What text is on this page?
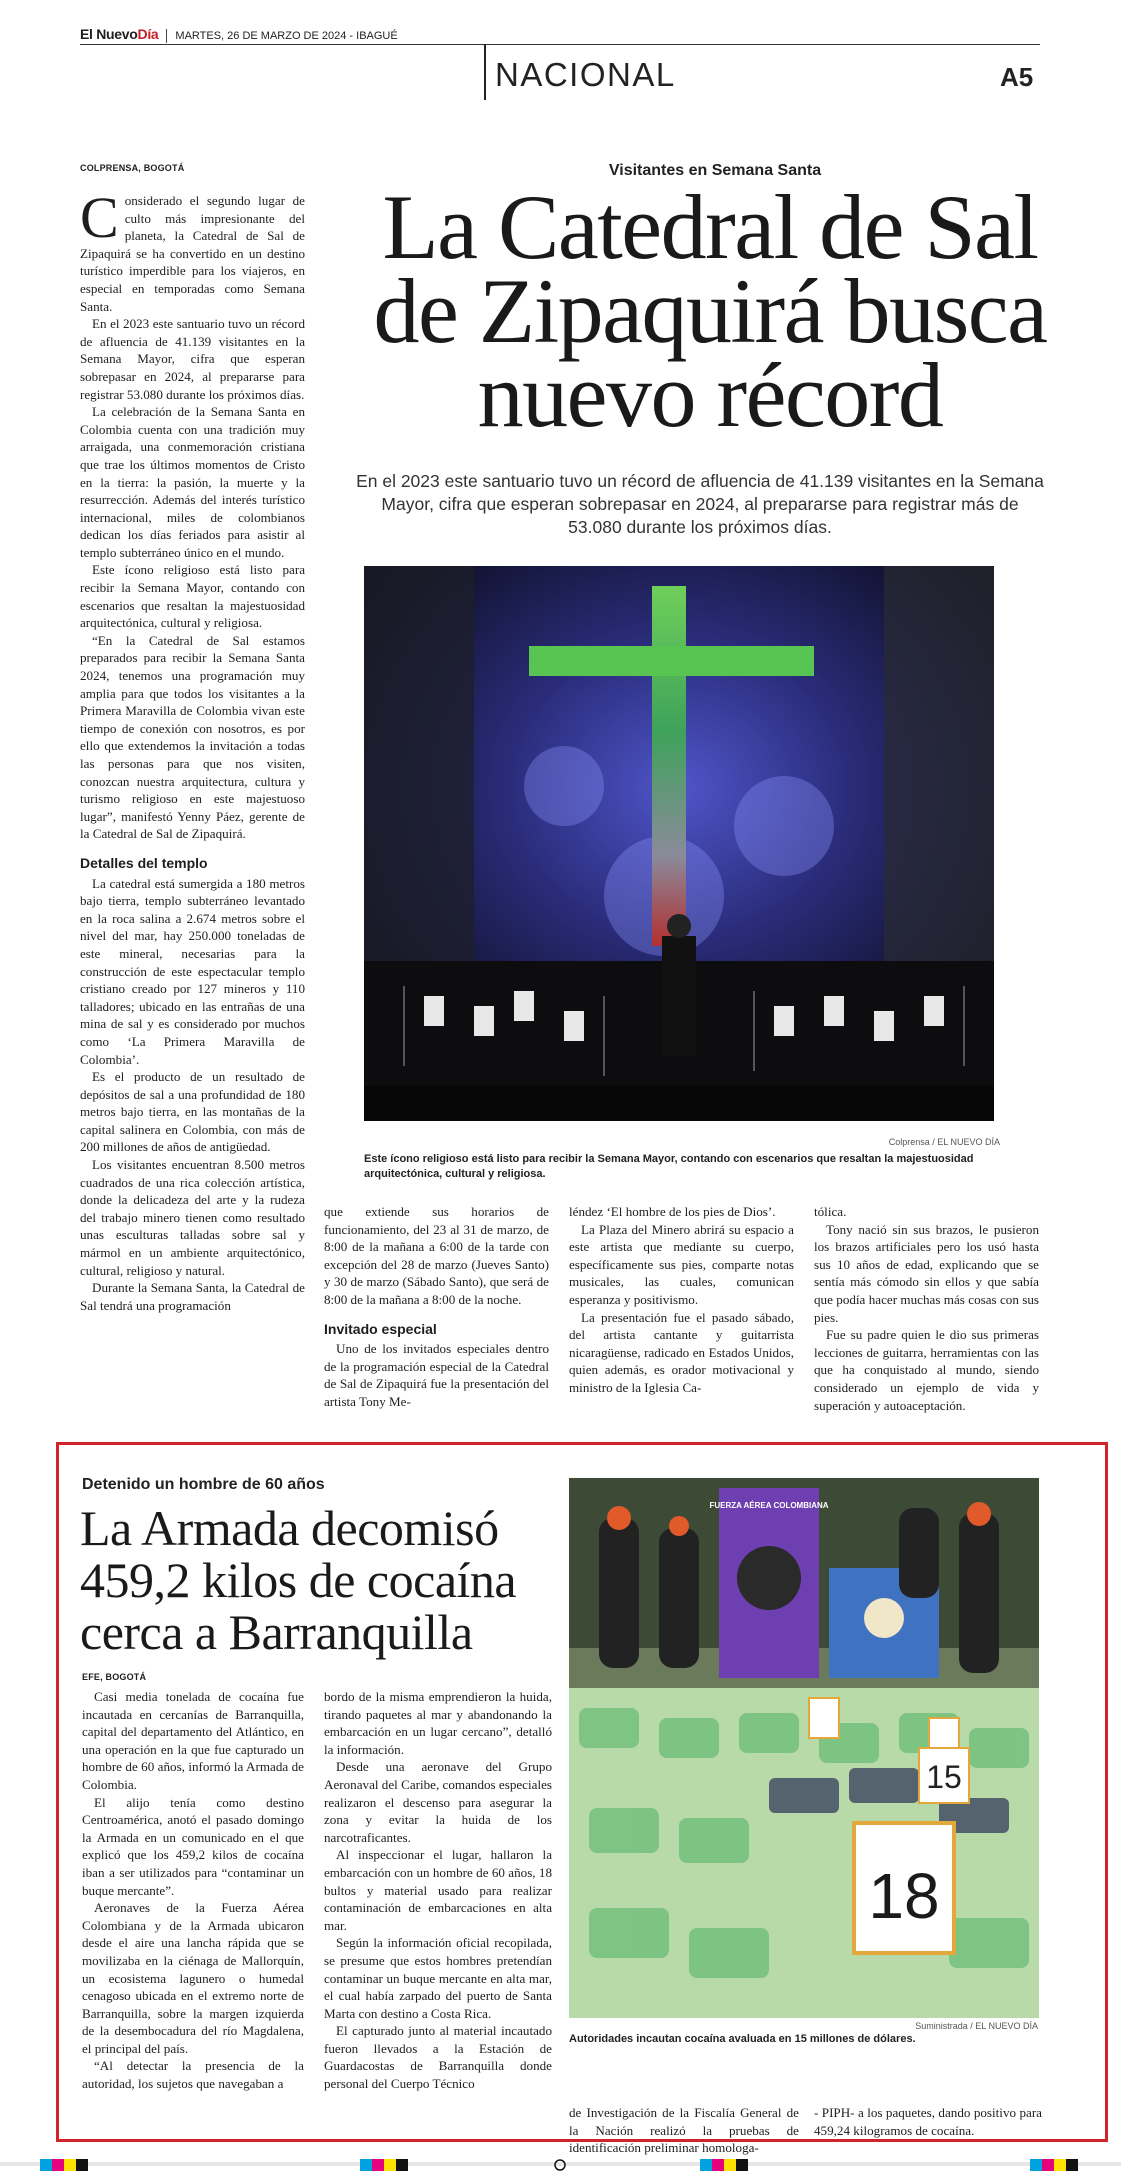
El NuevoDía MARTES, 26 DE MARZO DE 2024 - IBAGUÉ
NACIONAL	A5
COLPRENSA, BOGOTÁ

Considerado el segundo lugar de culto más impresionante del planeta, la Catedral de Sal de Zipaquirá se ha convertido en un destino turístico imperdible para los viajeros, en especial en temporadas como Semana Santa.

En el 2023 este santuario tuvo un récord de afluencia de 41.139 visitantes en la Semana Mayor, cifra que esperan sobrepasar en 2024, al prepararse para registrar 53.080 durante los próximos días.

La celebración de la Semana Santa en Colombia cuenta con una tradición muy arraigada, una conmemoración cristiana que trae los últimos momentos de Cristo en la tierra: la pasión, la muerte y la resurrección. Además del interés turístico internacional, miles de colombianos dedican los días feriados para asistir al templo subterráneo único en el mundo.

Este ícono religioso está listo para recibir la Semana Mayor, contando con escenarios que resaltan la majestuosidad arquitectónica, cultural y religiosa.

“En la Catedral de Sal estamos preparados para recibir la Semana Santa 2024, tenemos una programación muy amplia para que todos los visitantes a la Primera Maravilla de Colombia vivan este tiempo de conexión con nosotros, es por ello que extendemos la invitación a todas las personas para que nos visiten, conozcan nuestra arquitectura, cultura y turismo religioso en este majestuoso lugar”, manifestó Yenny Páez, gerente de la Catedral de Sal de Zipaquirá.

Detalles del templo

La catedral está sumergida a 180 metros bajo tierra, templo subterráneo levantado en la roca salina a 2.674 metros sobre el nivel del mar, hay 250.000 toneladas de este mineral, necesarias para la construcción de este espectacular templo cristiano creado por 127 mineros y 110 talladores; ubicado en las entrañas de una mina de sal y es considerado por muchos como ‘La Primera Maravilla de Colombia’.

Es el producto de un resultado de depósitos de sal a una profundidad de 180 metros bajo tierra, en las montañas de la capital salinera en Colombia, con más de 200 millones de años de antigüedad.

Los visitantes encuentran 8.500 metros cuadrados de una rica colección artística, donde la delicadeza del arte y la rudeza del trabajo minero tienen como resultado unas esculturas talladas sobre sal y mármol en un ambiente arquitectónico, cultural, religioso y natural.

Durante la Semana Santa, la Catedral de Sal tendrá una programación

Visitantes en Semana Santa
La Catedral de Sal de Zipaquirá busca nuevo récord
En el 2023 este santuario tuvo un récord de afluencia de 41.139 visitantes en la Semana Mayor, cifra que esperan sobrepasar en 2024, al prepararse para registrar más de 53.080 durante los próximos días.
Colprensa / EL NUEVO DÍA
Este ícono religioso está listo para recibir la Semana Mayor, contando con escenarios que resaltan la majestuosidad arquitectónica, cultural y religiosa.

que extiende sus horarios de funcionamiento, del 23 al 31 de marzo, de 8:00 de la mañana a 6:00 de la tarde con excepción del 28 de marzo (Jueves Santo) y 30 de marzo (Sábado Santo), que será de 8:00 de la mañana a 8:00 de la noche.

Invitado especial

Uno de los invitados especiales dentro de la programación especial de la Catedral de Sal de Zipaquirá fue la presentación del artista Tony Me-

léndez ‘El hombre de los pies de Dios’.

La Plaza del Minero abrirá su espacio a este artista que mediante su cuerpo, específicamente sus pies, comparte notas musicales, las cuales, comunican esperanza y positivismo.

La presentación fue el pasado sábado, del artista cantante y guitarrista nicaragüense, radicado en Estados Unidos, quien además, es orador motivacional y ministro de la Iglesia Ca-

tólica.

Tony nació sin sus brazos, le pusieron los brazos artificiales pero los usó hasta sus 10 años de edad, explicando que se sentía más cómodo sin ellos y que sabía que podía hacer muchas más cosas con sus pies.

Fue su padre quien le dio sus primeras lecciones de guitarra, herramientas con las que ha conquistado al mundo, siendo considerado un ejemplo de vida y superación y autoaceptación.

Detenido un hombre de 60 años
La Armada decomisó 459,2 kilos de cocaína cerca a Barranquilla
EFE, BOGOTÁ

Casi media tonelada de cocaína fue incautada en cercanías de Barranquilla, capital del departamento del Atlántico, en una operación en la que fue capturado un hombre de 60 años, informó la Armada de Colombia.

El alijo tenía como destino Centroamérica, anotó el pasado domingo la Armada en un comunicado en el que explicó que los 459,2 kilos de cocaína iban a ser utilizados para “contaminar un buque mercante”.

Aeronaves de la Fuerza Aérea Colombiana y de la Armada ubicaron desde el aire una lancha rápida que se movilizaba en la ciénaga de Mallorquín, un ecosistema lagunero o humedal cenagoso ubicada en el extremo norte de Barranquilla, sobre la margen izquierda de la desembocadura del río Magdalena, el principal del país.

“Al detectar la presencia de la autoridad, los sujetos que navegaban a

bordo de la misma emprendieron la huida, tirando paquetes al mar y abandonando la embarcación en un lugar cercano”, detalló la información.

Desde una aeronave del Grupo Aeronaval del Caribe, comandos especiales realizaron el descenso para asegurar la zona y evitar la huida de los narcotraficantes.

Al inspeccionar el lugar, hallaron la embarcación con un hombre de 60 años, 18 bultos y material usado para realizar contaminación de embarcaciones en alta mar.

Según la información oficial recopilada, se presume que estos hombres pretendían contaminar un buque mercante en alta mar, el cual había zarpado del puerto de Santa Marta con destino a Costa Rica.

El capturado junto al material incautado fueron llevados a la Estación de Guardacostas de Barranquilla donde personal del Cuerpo Técnico

FUERZA AÉREA COLOMBIANA
15
18
Suministrada / EL NUEVO DÍA
Autoridades incautan cocaína avaluada en 15 millones de dólares.

de Investigación de la Fiscalía General de la Nación realizó la pruebas de identificación preliminar homologa-

- PIPH- a los paquetes, dando positivo para 459,24 kilogramos de cocaína.
